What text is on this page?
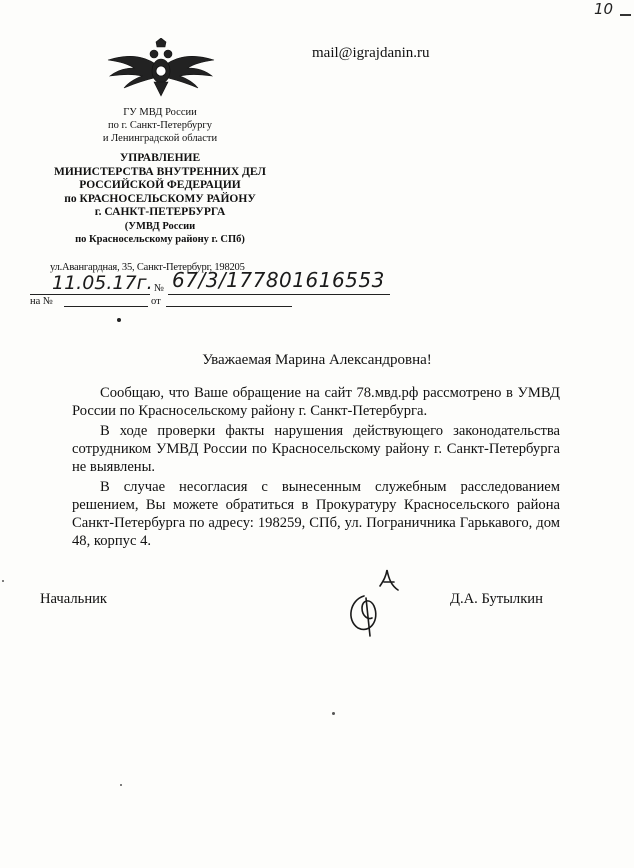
10
mail@igrajdanin.ru
ГУ МВД России
по г. Санкт-Петербургу
и Ленинградской области
УПРАВЛЕНИЕ
МИНИСТЕРСТВА ВНУТРЕННИХ ДЕЛ
РОССИЙСКОЙ ФЕДЕРАЦИИ
по КРАСНОСЕЛЬСКОМУ РАЙОНУ
г. САНКТ-ПЕТЕРБУРГА
(УМВД России
по Красносельскому району г. СПб)
ул.Авангардная, 35, Санкт-Петербург, 198205
11.05.17г. № 67/3/177801616553
на №	от
Уважаемая Марина Александровна!

Сообщаю, что Ваше обращение на сайт 78.мвд.рф рассмотрено в УМВД России по Красносельскому району г. Санкт-Петербурга.

В ходе проверки факты нарушения действующего законодательства сотрудником УМВД России по Красносельскому району г. Санкт-Петербурга не выявлены.

В случае несогласия с вынесенным служебным расследованием решением, Вы можете обратиться в Прокуратуру Красносельского района Санкт-Петербурга по адресу: 198259, СПб, ул. Пограничника Гарькавого, дом 48, корпус 4.

Начальник	Д.А. Бутылкин
